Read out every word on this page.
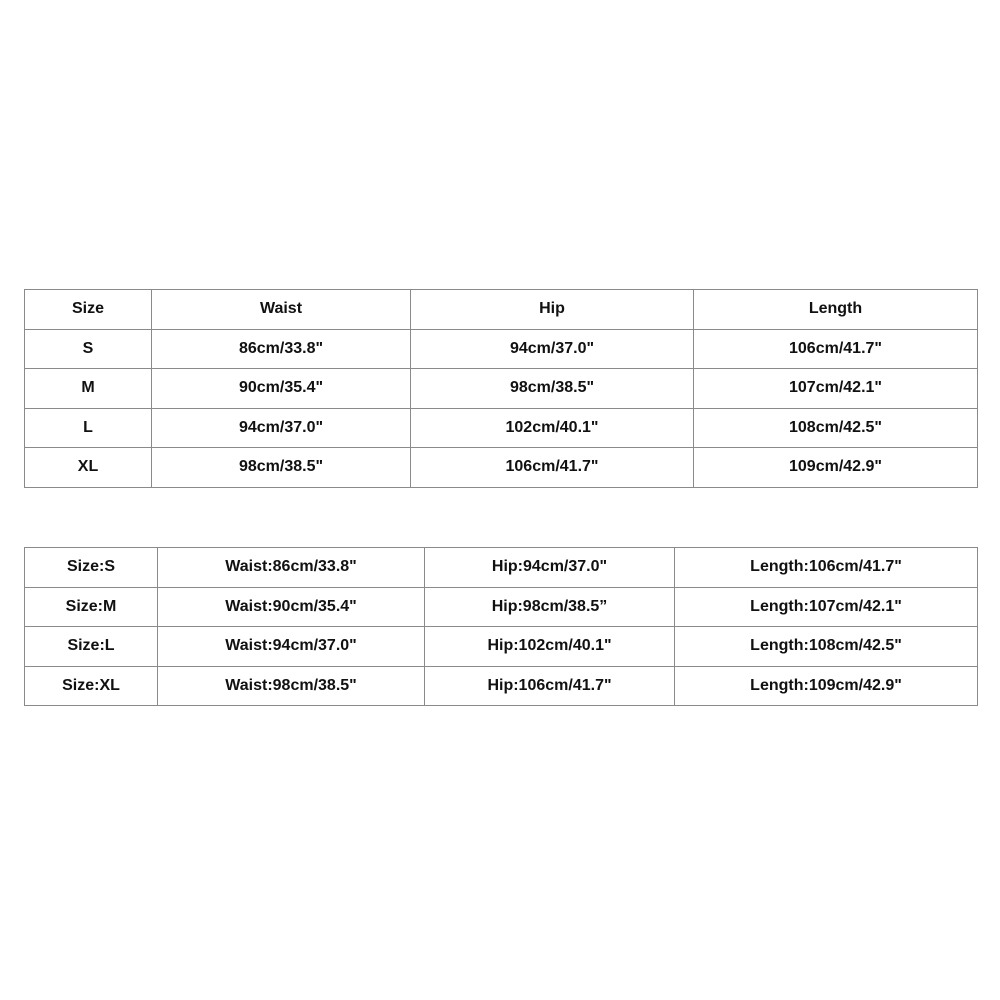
Size	Waist	Hip	Length
S	86cm/33.8"	94cm/37.0"	106cm/41.7"
M	90cm/35.4"	98cm/38.5"	107cm/42.1"
L	94cm/37.0"	102cm/40.1"	108cm/42.5"
XL	98cm/38.5"	106cm/41.7"	109cm/42.9"
Size:S	Waist:86cm/33.8"	Hip:94cm/37.0"	Length:106cm/41.7"
Size:M	Waist:90cm/35.4"	Hip:98cm/38.5”	Length:107cm/42.1"
Size:L	Waist:94cm/37.0"	Hip:102cm/40.1"	Length:108cm/42.5"
Size:XL	Waist:98cm/38.5"	Hip:106cm/41.7"	Length:109cm/42.9"
